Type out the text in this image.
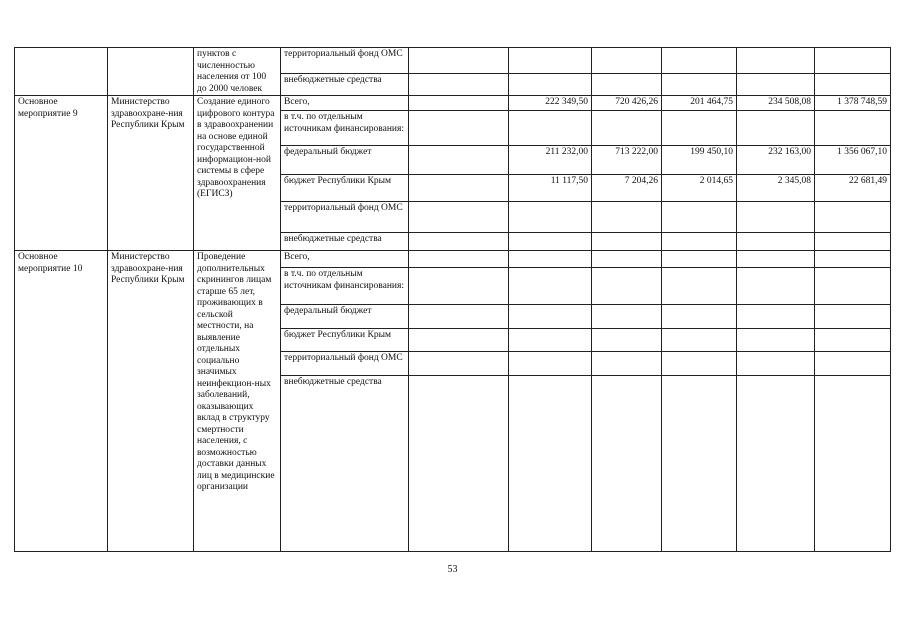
		пунктов с численностью населения от 100 до 2000 человек	территориальный фонд ОМС						
			внебюджетные средства						
Основное мероприятие 9	Министерство здравоохране-ния Республики Крым	Создание единого цифрового контура в здравоохранении на основе единой государственной информацион-ной системы в сфере здравоохранения (ЕГИСЗ)	Всего,		222 349,50	720 426,26	201 464,75	234 508,08	1 378 748,59
			в т.ч. по отдельным источникам финансирования:						
			федеральный бюджет		211 232,00	713 222,00	199 450,10	232 163,00	1 356 067,10
			бюджет Республики Крым		11 117,50	7 204,26	2 014,65	2 345,08	22 681,49
			территориальный фонд ОМС						
			внебюджетные средства						
Основное мероприятие 10	Министерство здравоохране-ния Республики Крым	Проведение дополнительных скринингов лицам старше 65 лет, проживающих в сельской местности, на выявление отдельных социально значимых неинфекцион-ных заболеваний, оказывающих вклад в структуру смертности населения, с возможностью доставки данных лиц в медицинские организации	Всего,						
			в т.ч. по отдельным источникам финансирования:						
			федеральный бюджет						
			бюджет Республики Крым						
			территориальный фонд ОМС						
			внебюджетные средства						
53
